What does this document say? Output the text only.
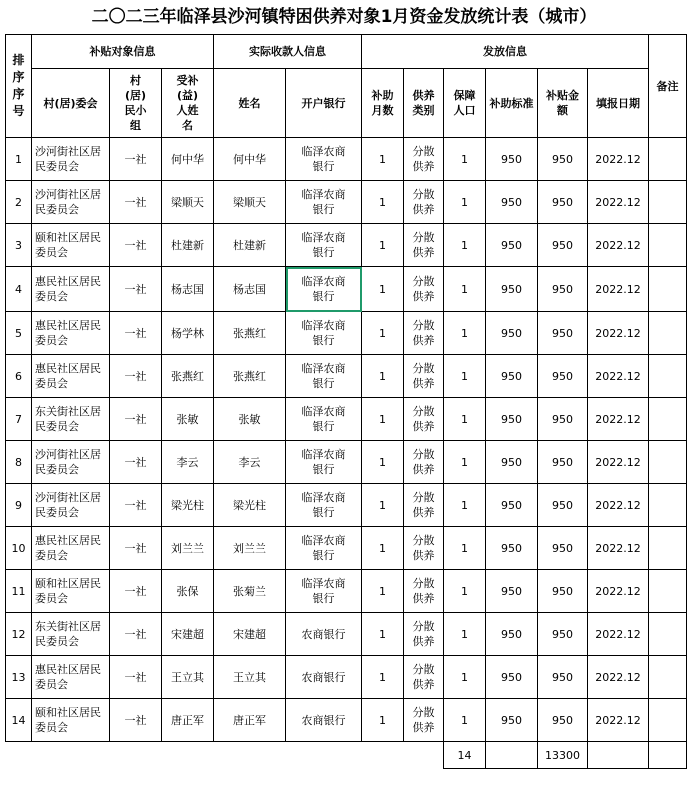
二〇二三年临泽县沙河镇特困供养对象1月资金发放统计表（城市）
排序序号	补贴对象信息			实际收款人信息		发放信息						备注
	村(居)委会	村(居)民小组	受补(益)人姓名	姓名	开户银行	补助月数	供养类别	保障人口	补助标准	补贴金额	填报日期	
1	沙河街社区居民委员会	一社	何中华	何中华	临泽农商银行	1	分散供养	1	950	950	2022.12	
2	沙河街社区居民委员会	一社	梁顺天	梁顺天	临泽农商银行	1	分散供养	1	950	950	2022.12	
3	颐和社区居民委员会	一社	杜建新	杜建新	临泽农商银行	1	分散供养	1	950	950	2022.12	
4	惠民社区居民委员会	一社	杨志国	杨志国	临泽农商银行	1	分散供养	1	950	950	2022.12	
5	惠民社区居民委员会	一社	杨学林	张燕红	临泽农商银行	1	分散供养	1	950	950	2022.12	
6	惠民社区居民委员会	一社	张燕红	张燕红	临泽农商银行	1	分散供养	1	950	950	2022.12	
7	东关街社区居民委员会	一社	张敏	张敏	临泽农商银行	1	分散供养	1	950	950	2022.12	
8	沙河街社区居民委员会	一社	李云	李云	临泽农商银行	1	分散供养	1	950	950	2022.12	
9	沙河街社区居民委员会	一社	梁光柱	梁光柱	临泽农商银行	1	分散供养	1	950	950	2022.12	
10	惠民社区居民委员会	一社	刘兰兰	刘兰兰	临泽农商银行	1	分散供养	1	950	950	2022.12	
11	颐和社区居民委员会	一社	张保	张菊兰	临泽农商银行	1	分散供养	1	950	950	2022.12	
12	东关街社区居民委员会	一社	宋建超	宋建超	农商银行	1	分散供养	1	950	950	2022.12	
13	惠民社区居民委员会	一社	王立其	王立其	农商银行	1	分散供养	1	950	950	2022.12	
14	颐和社区居民委员会	一社	唐正军	唐正军	农商银行	1	分散供养	1	950	950	2022.12	
								14		13300		
